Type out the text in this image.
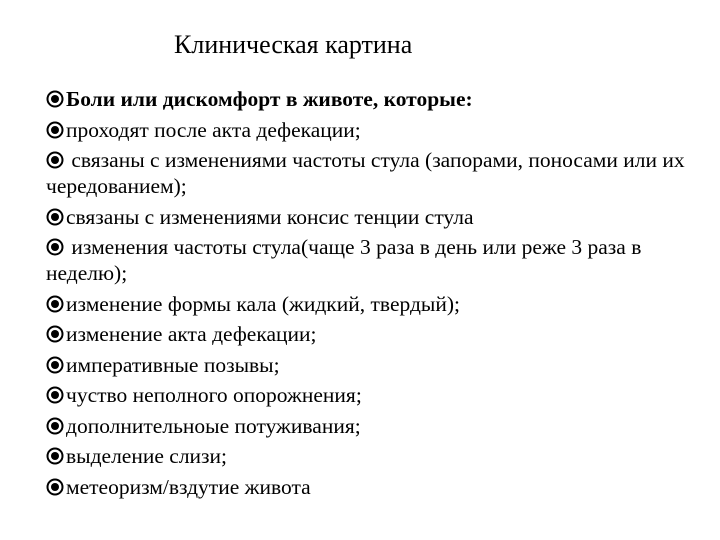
Клиническая картина
Боли или дискомфорт в животе, которые:
проходят после акта дефекации;
связаны с изменениями частоты стула (запорами, поносами или их чередованием);
связаны с изменениями консис тенции стула
изменения частоты стула(чаще 3 раза в день или реже 3 раза в неделю);
изменение формы кала (жидкий, твердый);
изменение акта дефекации;
императивные позывы;
чуство неполного опорожнения;
дополнительноые потуживания;
выделение слизи;
метеоризм/вздутие живота
